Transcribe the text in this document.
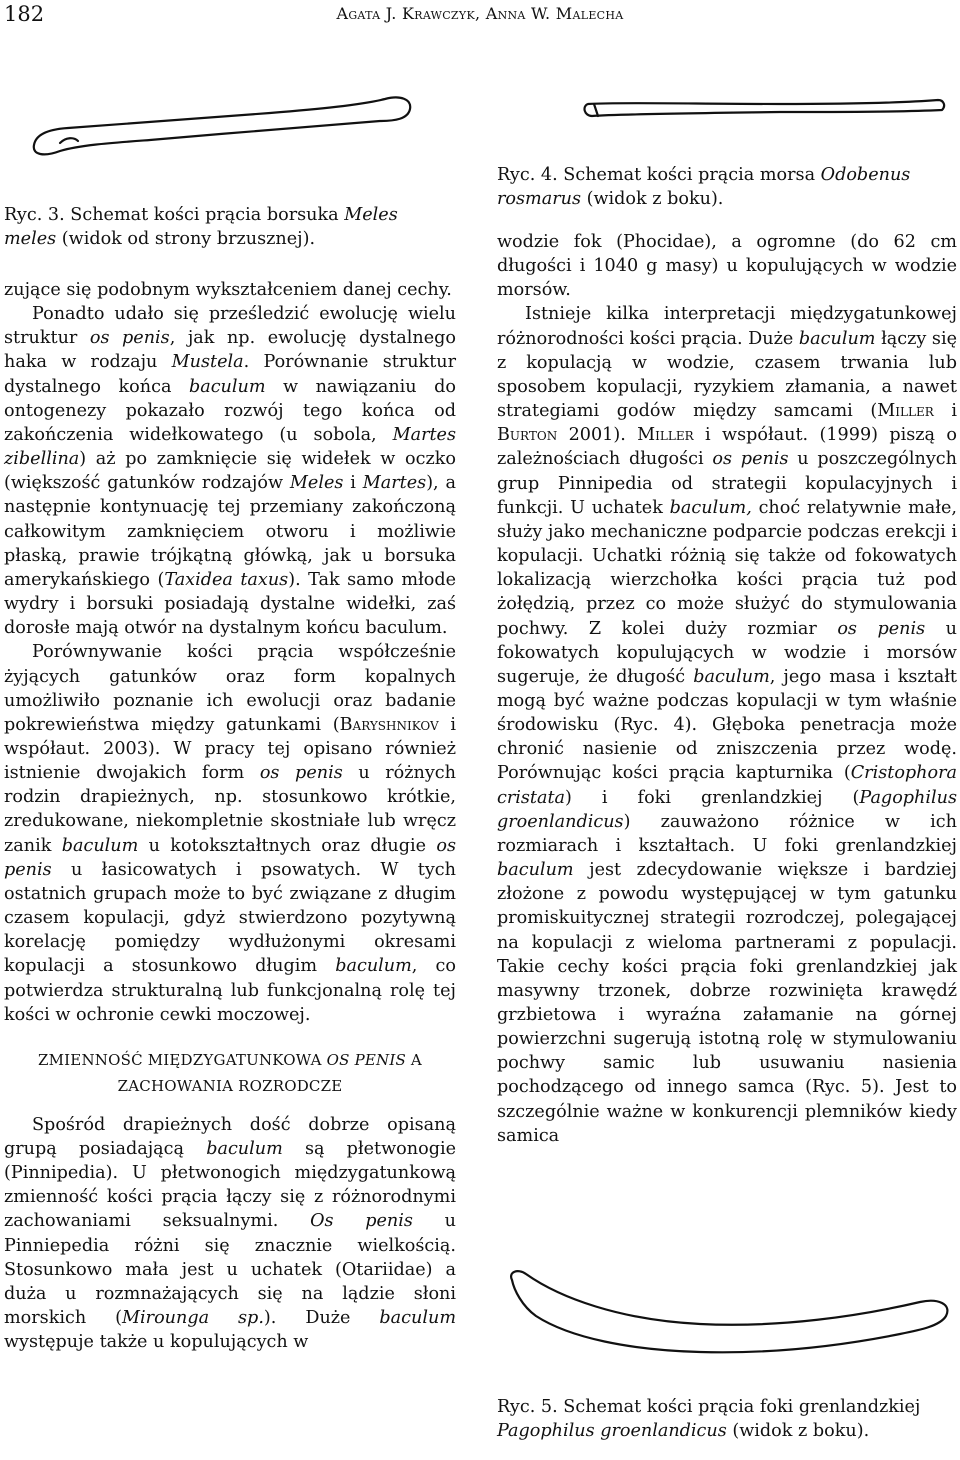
182	Agata J. Krawczyk, Anna W. Malecha
Ryc. 3. Schemat kości prącia borsuka Meles meles (widok od strony brzusznej).

zujące się podobnym wykształceniem danej cechy.

Ponadto udało się prześledzić ewolucję wielu struktur os penis, jak np. ewolucję dystalnego haka w rodzaju Mustela. Porównanie struktur dystalnego końca baculum w nawiązaniu do ontogenezy pokazało rozwój tego końca od zakończenia widełkowatego (u sobola, Martes zibellina) aż po zamknięcie się widełek w oczko (większość gatunków rodzajów Meles i Martes), a następnie kontynuację tej przemiany zakończoną całkowitym zamknięciem otworu i możliwie płaską, prawie trójkątną główką, jak u borsuka amerykańskiego (Taxidea taxus). Tak samo młode wydry i borsuki posiadają dystalne widełki, zaś dorosłe mają otwór na dystalnym końcu baculum.

Porównywanie kości prącia współcześnie żyjących gatunków oraz form kopalnych umożliwiło poznanie ich ewolucji oraz badanie pokrewieństwa między gatunkami (Baryshnikov i współaut. 2003). W pracy tej opisano również istnienie dwojakich form os penis u różnych rodzin drapieżnych, np. stosunkowo krótkie, zredukowane, niekompletnie skostniałe lub wręcz zanik baculum u kotokształtnych oraz długie os penis u łasicowatych i psowatych. W tych ostatnich grupach może to być związane z długim czasem kopulacji, gdyż stwierdzono pozytywną korelację pomiędzy wydłużonymi okresami kopulacji a stosunkowo długim baculum, co potwierdza strukturalną lub funkcjonalną rolę tej kości w ochronie cewki moczowej.

ZMIENNOŚĆ MIĘDZYGATUNKOWA OS PENIS A
ZACHOWANIA ROZRODCZE

Spośród drapieżnych dość dobrze opisaną grupą posiadającą baculum są płetwonogie (Pinnipedia). U płetwonogich międzygatunkową zmienność kości prącia łączy się z różnorodnymi zachowaniami seksualnymi. Os penis u Pinniepedia różni się znacznie wielkością. Stosunkowo mała jest u uchatek (Otariidae) a duża u rozmnażających się na lądzie słoni morskich (Mirounga sp.). Duże baculum występuje także u kopulujących w

Ryc. 4. Schemat kości prącia morsa Odobenus rosmarus (widok z boku).

wodzie fok (Phocidae), a ogromne (do 62 cm długości i 1040 g masy) u kopulujących w wodzie morsów.

Istnieje kilka interpretacji międzygatunkowej różnorodności kości prącia. Duże baculum łączy się z kopulacją w wodzie, czasem trwania lub sposobem kopulacji, ryzykiem złamania, a nawet strategiami godów między samcami (Miller i Burton 2001). Miller i współaut. (1999) piszą o zależnościach długości os penis u poszczególnych grup Pinnipedia od strategii kopulacyjnych i funkcji. U uchatek baculum, choć relatywnie małe, służy jako mechaniczne podparcie podczas erekcji i kopulacji. Uchatki różnią się także od fokowatych lokalizacją wierzchołka kości prącia tuż pod żołędzią, przez co może służyć do stymulowania pochwy. Z kolei duży rozmiar os penis u fokowatych kopulujących w wodzie i morsów sugeruje, że długość baculum, jego masa i kształt mogą być ważne podczas kopulacji w tym właśnie środowisku (Ryc. 4). Głęboka penetracja może chronić nasienie od zniszczenia przez wodę. Porównując kości prącia kapturnika (Cristophora cristata) i foki grenlandzkiej (Pagophilus groenlandicus) zauważono różnice w ich rozmiarach i kształtach. U foki grenlandzkiej baculum jest zdecydowanie większe i bardziej złożone z powodu występującej w tym gatunku promiskuitycznej strategii rozrodczej, polegającej na kopulacji z wieloma partnerami z populacji. Takie cechy kości prącia foki grenlandzkiej jak masywny trzonek, dobrze rozwinięta krawędź grzbietowa i wyraźna załamanie na górnej powierzchni sugerują istotną rolę w stymulowaniu pochwy samic lub usuwaniu nasienia pochodzącego od innego samca (Ryc. 5). Jest to szczególnie ważne w konkurencji plemników kiedy samica

Ryc. 5. Schemat kości prącia foki grenlandzkiej Pagophilus groenlandicus (widok z boku).
